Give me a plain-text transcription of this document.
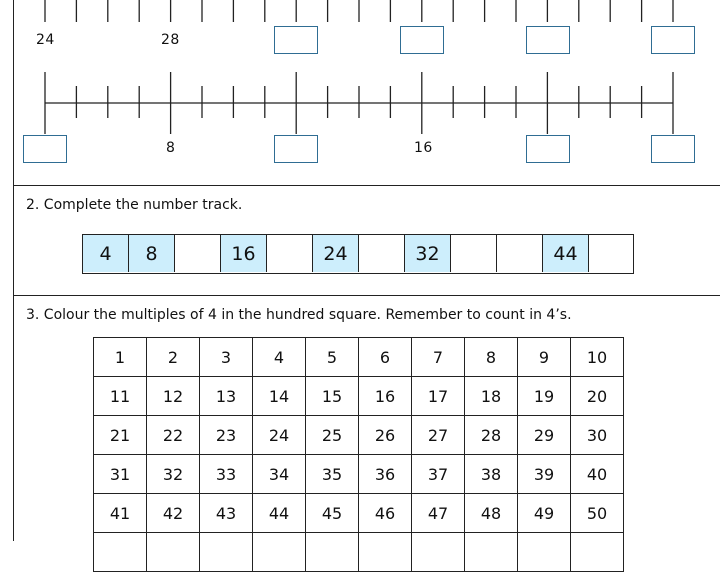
24	28
8	16
2. Complete the number track.
4	8	16	24	32	44
3. Colour the multiples of 4 in the hundred square. Remember to count in 4’s.
1	2	3	4	5	6	7	8	9	10
11	12	13	14	15	16	17	18	19	20
21	22	23	24	25	26	27	28	29	30
31	32	33	34	35	36	37	38	39	40
41	42	43	44	45	46	47	48	49	50
